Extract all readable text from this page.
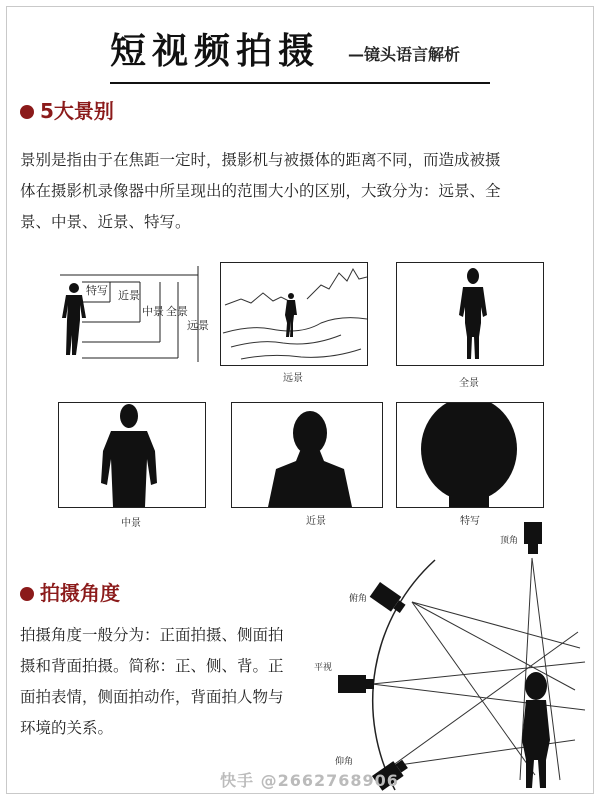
短视频拍摄 —镜头语言解析
5大景别
景别是指由于在焦距一定时，摄影机与被摄体的距离不同，而造成被摄
体在摄影机录像器中所呈现出的范围大小的区别，大致分为：远景、全
景、中景、近景、特写。
特写 近景
中景 全景
远景
远景	全景
中景	近景	特写
拍摄角度
拍摄角度一般分为：正面拍摄、侧面拍
摄和背面拍摄。简称：正、侧、背。正
面拍表情，侧面拍动作，背面拍人物与
环境的关系。
顶角
俯角
平视
仰角
快手 @2662768906
